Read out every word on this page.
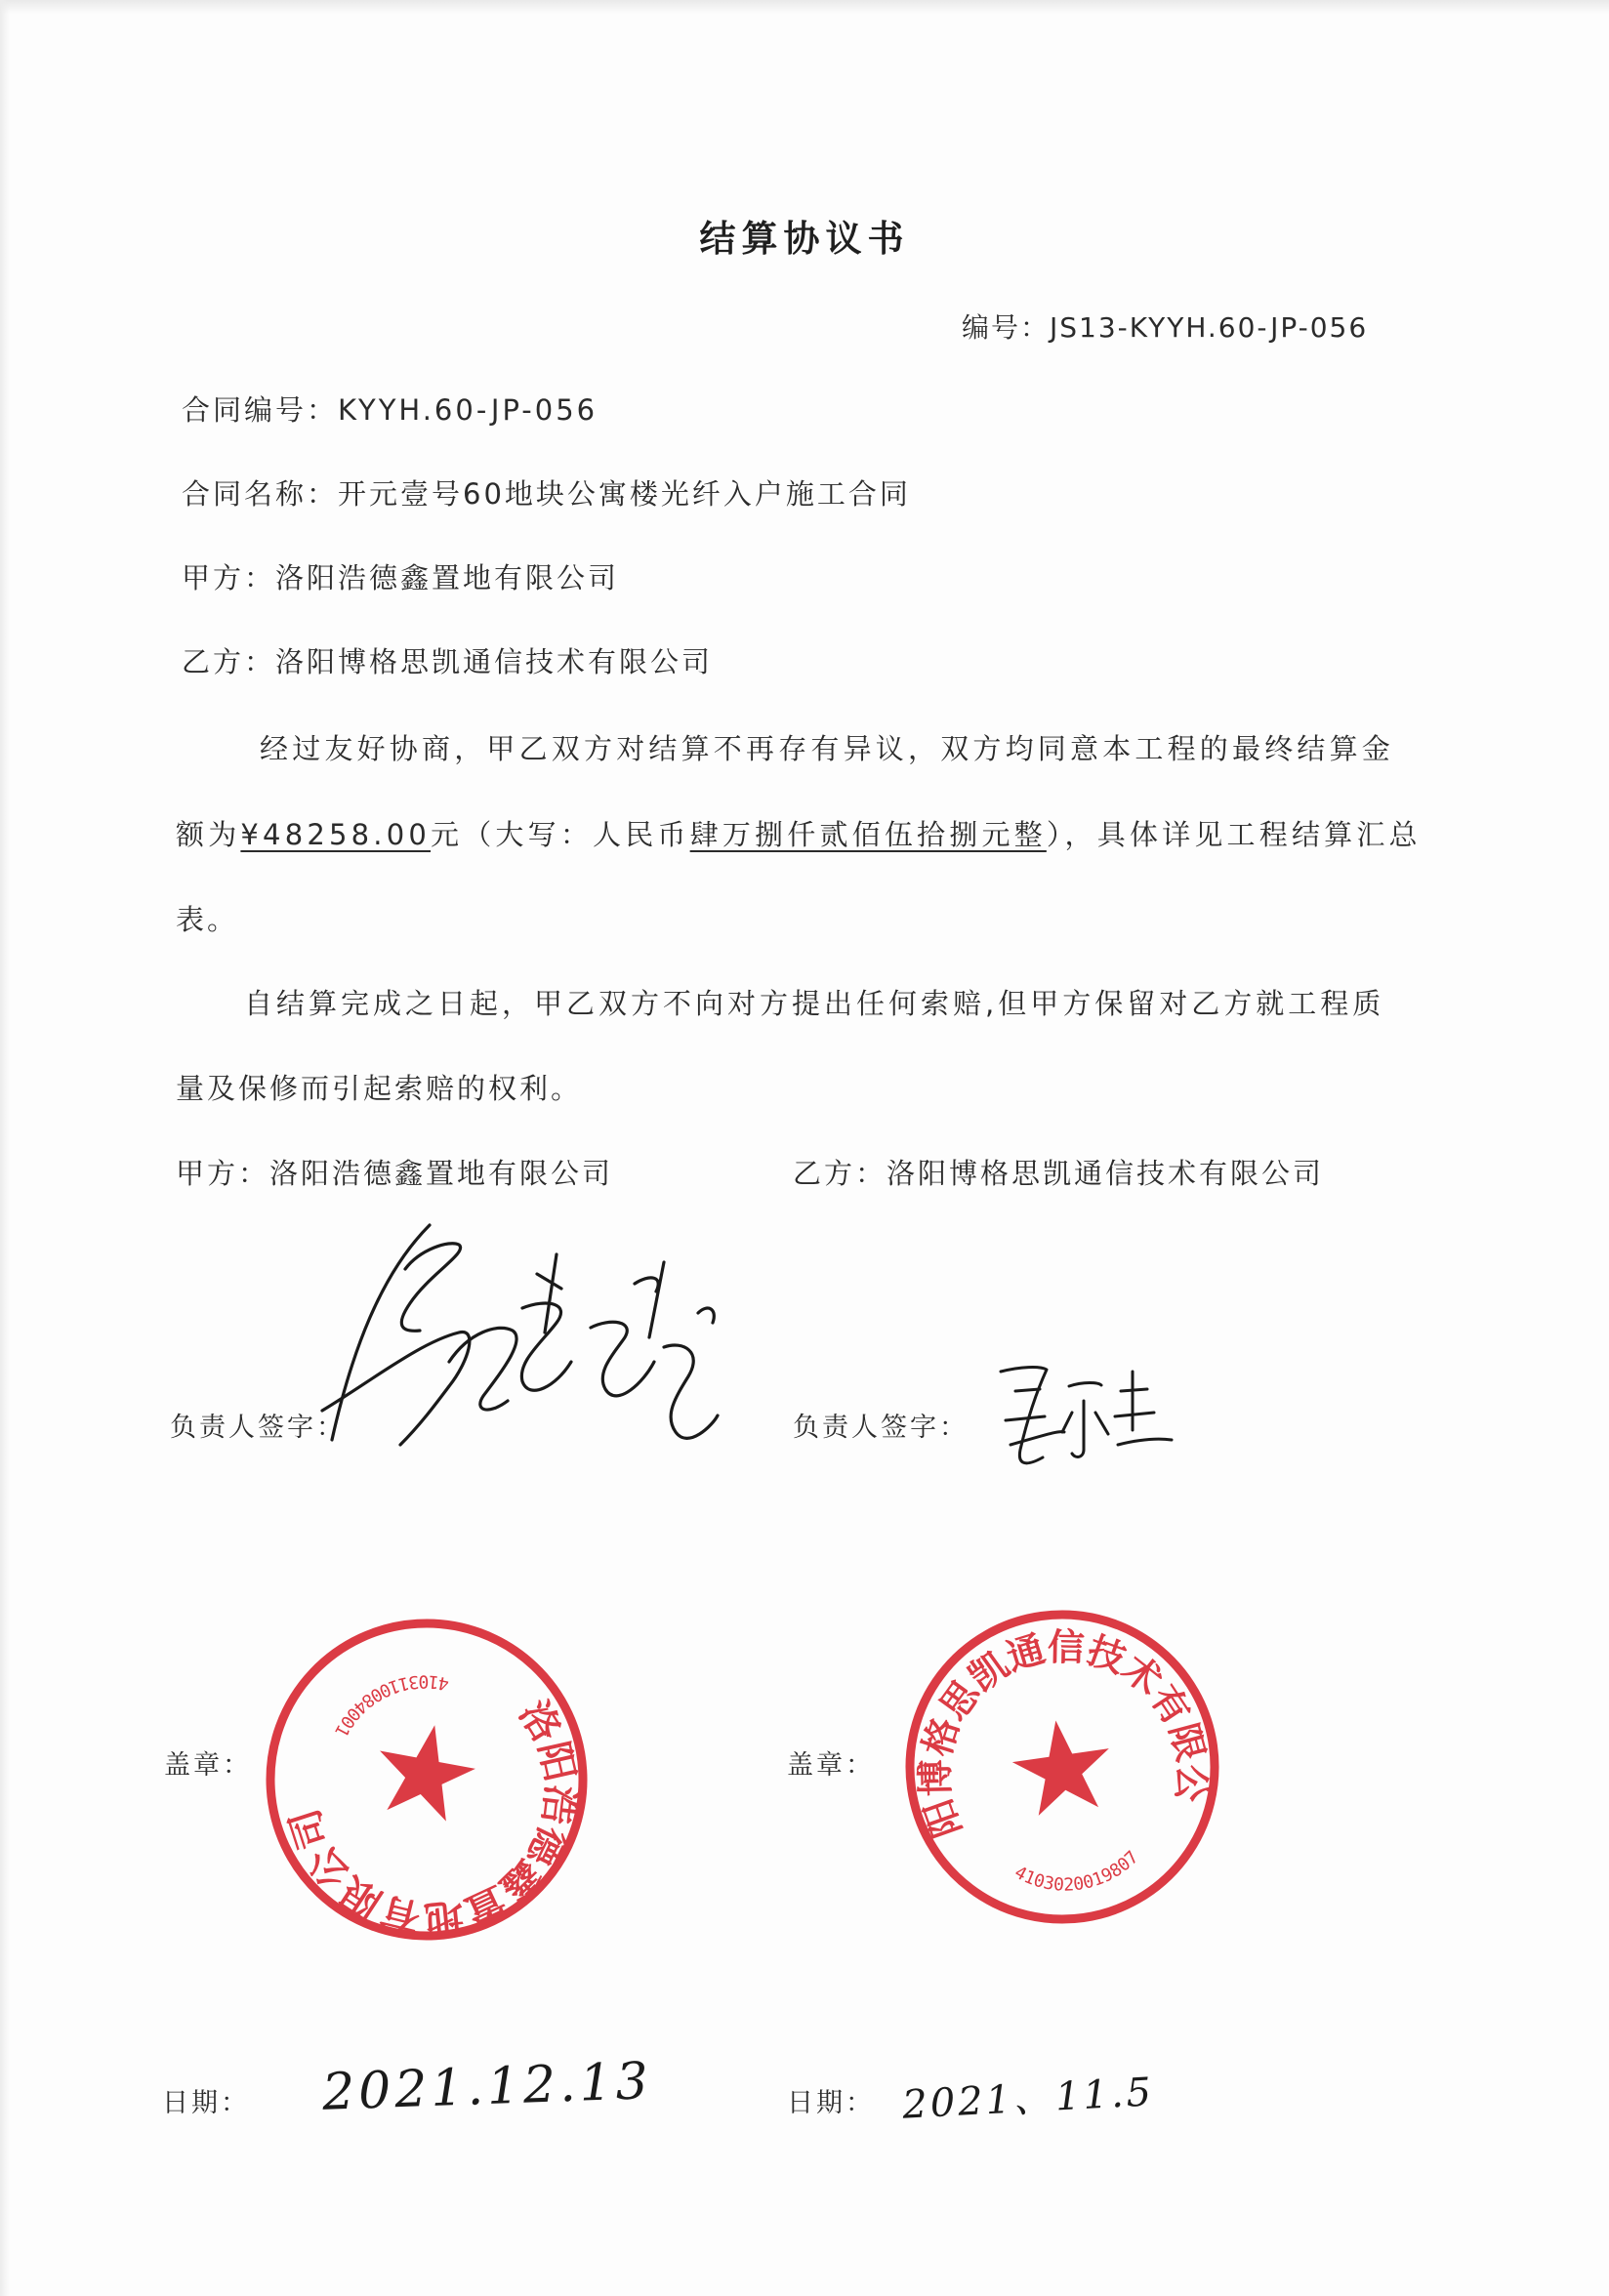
结算协议书
编号：JS13-KYYH.60-JP-056
合同编号：KYYH.60-JP-056
合同名称：开元壹号60地块公寓楼光纤入户施工合同
甲方：洛阳浩德鑫置地有限公司
乙方：洛阳博格思凯通信技术有限公司
经过友好协商，甲乙双方对结算不再存有异议，双方均同意本工程的最终结算金
额为¥48258.00元（大写：人民币肆万捌仟贰佰伍拾捌元整），具体详见工程结算汇总
表。
自结算完成之日起，甲乙双方不向对方提出任何索赔,但甲方保留对乙方就工程质
量及保修而引起索赔的权利。
甲方：洛阳浩德鑫置地有限公司	乙方：洛阳博格思凯通信技术有限公司
负责人签字：	负责人签字：
盖章：	盖章：
洛阳浩德鑫置地有限公司
4103110084001
洛阳博格思凯通信技术有限公司
4103020019807
日期： 2021.12.13	日期： 2021、11.5
